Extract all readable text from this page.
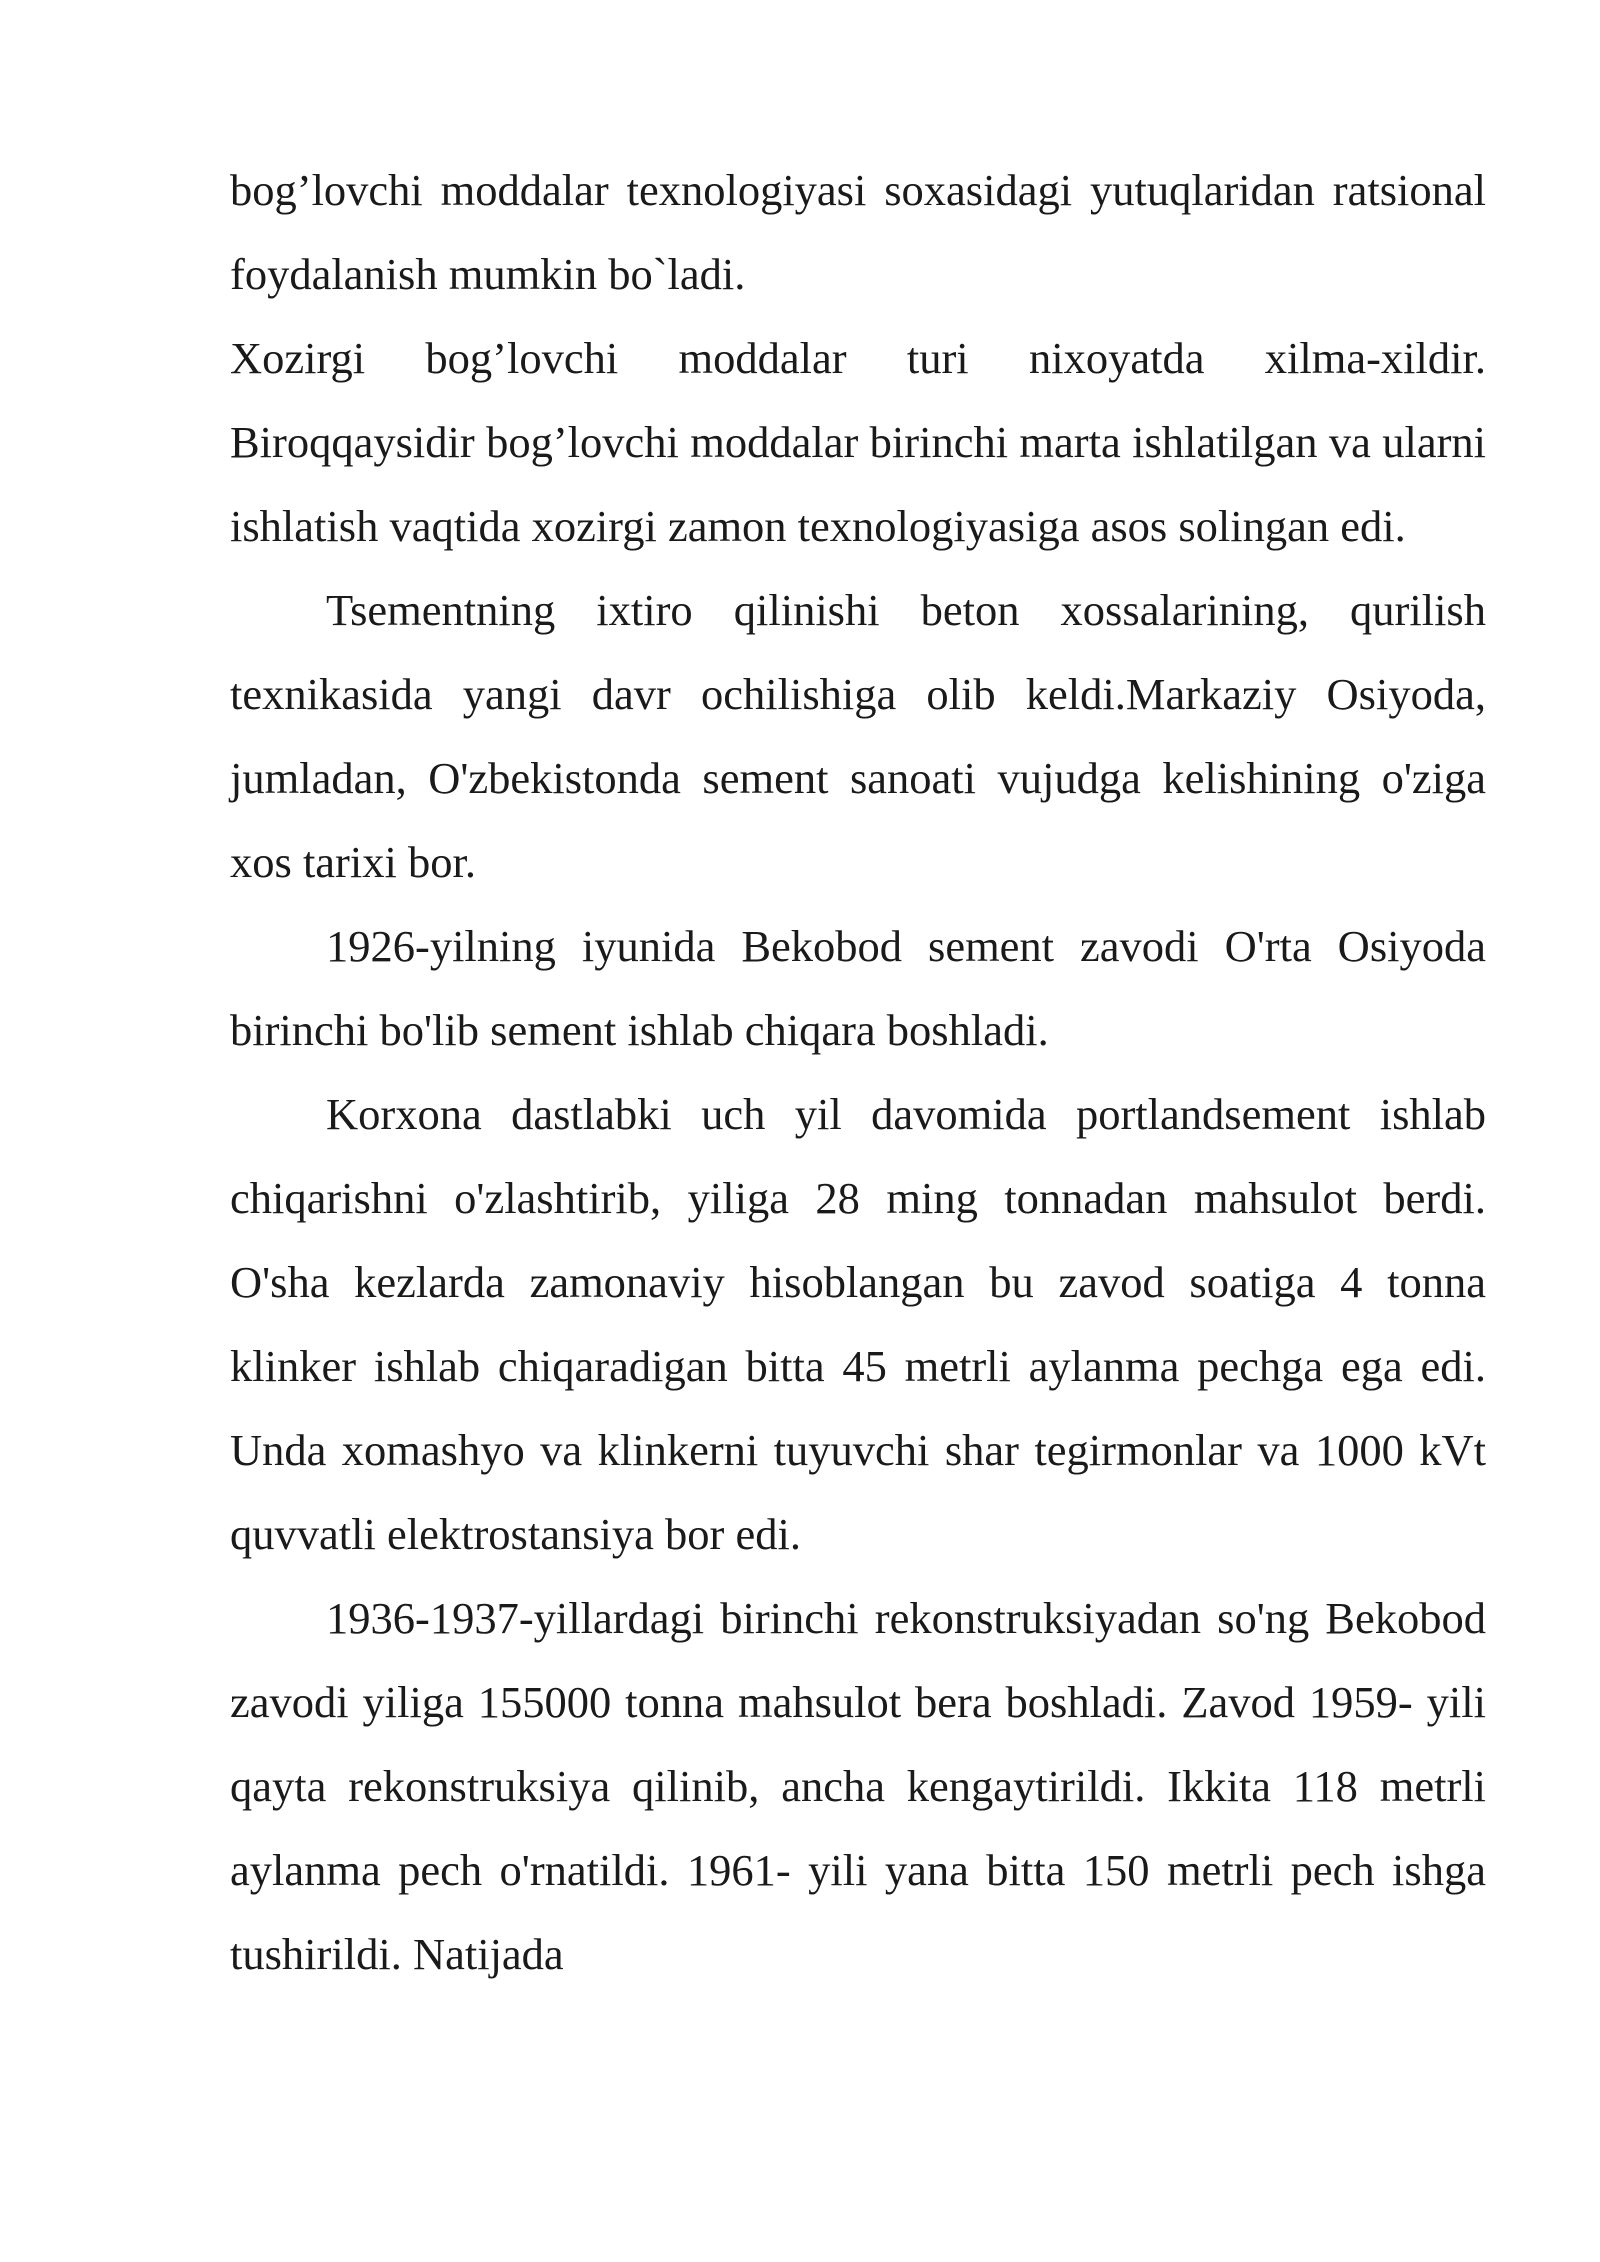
bog’lovchi moddalar texnologiyasi soxasidagi yutuqlaridan ratsional foydalanish mumkin bo`ladi.

Xozirgi bog’lovchi moddalar turi nixoyatda xilma-xildir. Biroqqaysidir bog’lovchi moddalar birinchi marta ishlatilgan va ularni ishlatish vaqtida xozirgi zamon texnologiyasiga asos solingan edi.

Tsementning ixtiro qilinishi beton xossalarining, qurilish texnikasida yangi davr ochilishiga olib keldi.Markaziy Osiyoda, jumladan, O'zbekistonda sement sanoati vujudga kelishining o'ziga xos tarixi bor.

1926-yilning iyunida Bekobod sement zavodi O'rta Osiyoda birinchi bo'lib sement ishlab chiqara boshladi.

Korxona dastlabki uch yil davomida portlandsement ishlab chiqarishni o'zlashtirib, yiliga 28 ming tonnadan mahsulot berdi. O'sha kezlarda zamonaviy hisoblangan bu zavod soatiga 4 tonna klinker ishlab chiqaradigan bitta 45 metrli aylanma pechga ega edi. Unda xomashyo va klinkerni tuyuvchi shar tegirmonlar va 1000 kVt quvvatli elektrostansiya bor edi.

1936-1937-yillardagi birinchi rekonstruksiyadan so'ng Bekobod zavodi yiliga 155000 tonna mahsulot bera boshladi. Zavod 1959- yili qayta rekonstruksiya qilinib, ancha kengaytirildi. Ikkita 118 metrli aylanma pech o'rnatildi. 1961- yili yana bitta 150 metrli pech ishga tushirildi. Natijada
